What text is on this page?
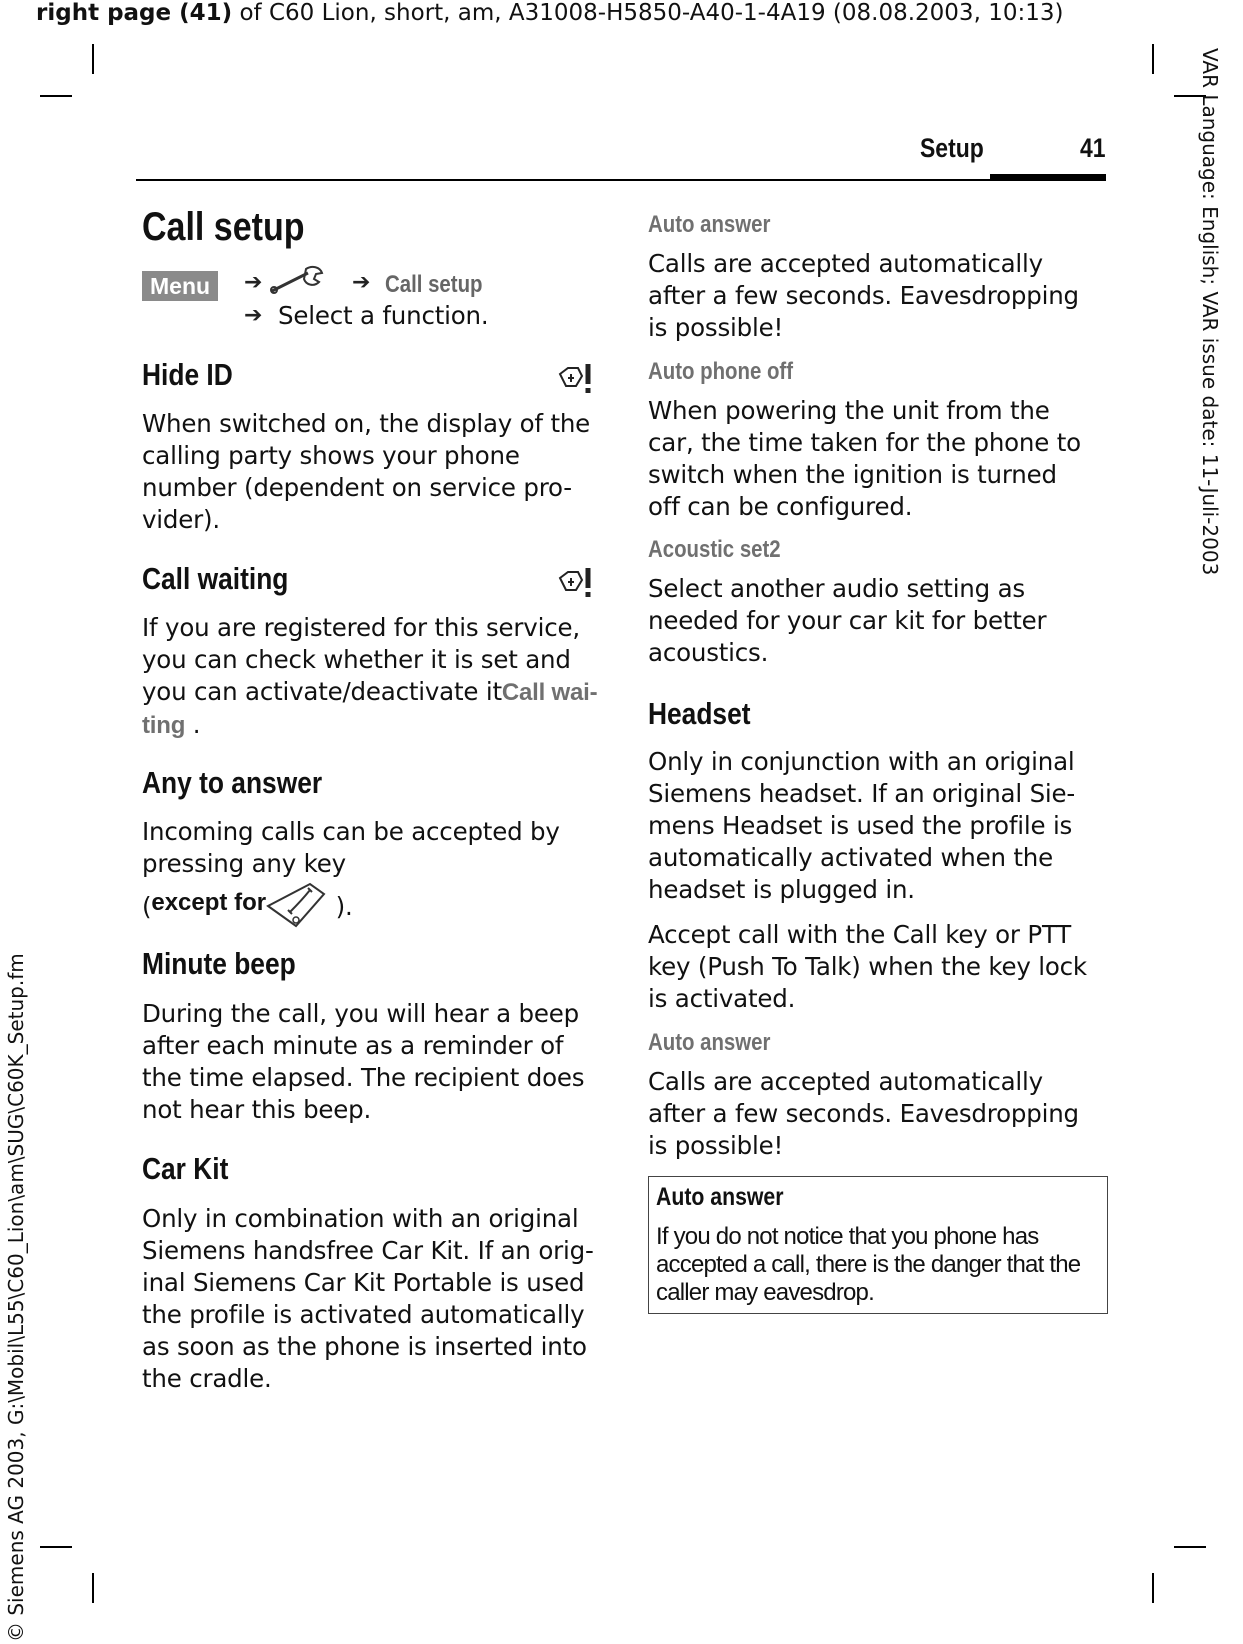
right page (41) of C60 Lion, short, am, A31008-H5850-A40-1-4A19 (08.08.2003, 10:13)
VAR Language: English; VAR issue date: 11-Juli-2003
© Siemens AG 2003, G:\Mobil\L55\C60_Lion\am\SUG\C60K_Setup.fm
Setup	41
Call setup
Menu	➔	➔ Call setup
➔ Select a function.
Hide ID
When switched on, the display of the
calling party shows your phone
number (dependent on service pro-
vider).
Call waiting
If you are registered for this service,
you can check whether it is set and
you can activate/deactivate itCall wai-
ting .
Any to answer
Incoming calls can be accepted by
pressing any key
(except for	).
Minute beep
During the call, you will hear a beep
after each minute as a reminder of
the time elapsed. The recipient does
not hear this beep.
Car Kit
Only in combination with an original
Siemens handsfree Car Kit. If an orig-
inal Siemens Car Kit Portable is used
the profile is activated automatically
as soon as the phone is inserted into
the cradle.
Auto answer
Calls are accepted automatically
after a few seconds. Eavesdropping
is possible!
Auto phone off
When powering the unit from the
car, the time taken for the phone to
switch when the ignition is turned
off can be configured.
Acoustic set2
Select another audio setting as
needed for your car kit for better
acoustics.
Headset
Only in conjunction with an original
Siemens headset. If an original Sie-
mens Headset is used the profile is
automatically activated when the
headset is plugged in.
Accept call with the Call key or PTT
key (Push To Talk) when the key lock
is activated.
Auto answer
Calls are accepted automatically
after a few seconds. Eavesdropping
is possible!
Auto answer
If you do not notice that you phone has
accepted a call, there is the danger that the
caller may eavesdrop.
